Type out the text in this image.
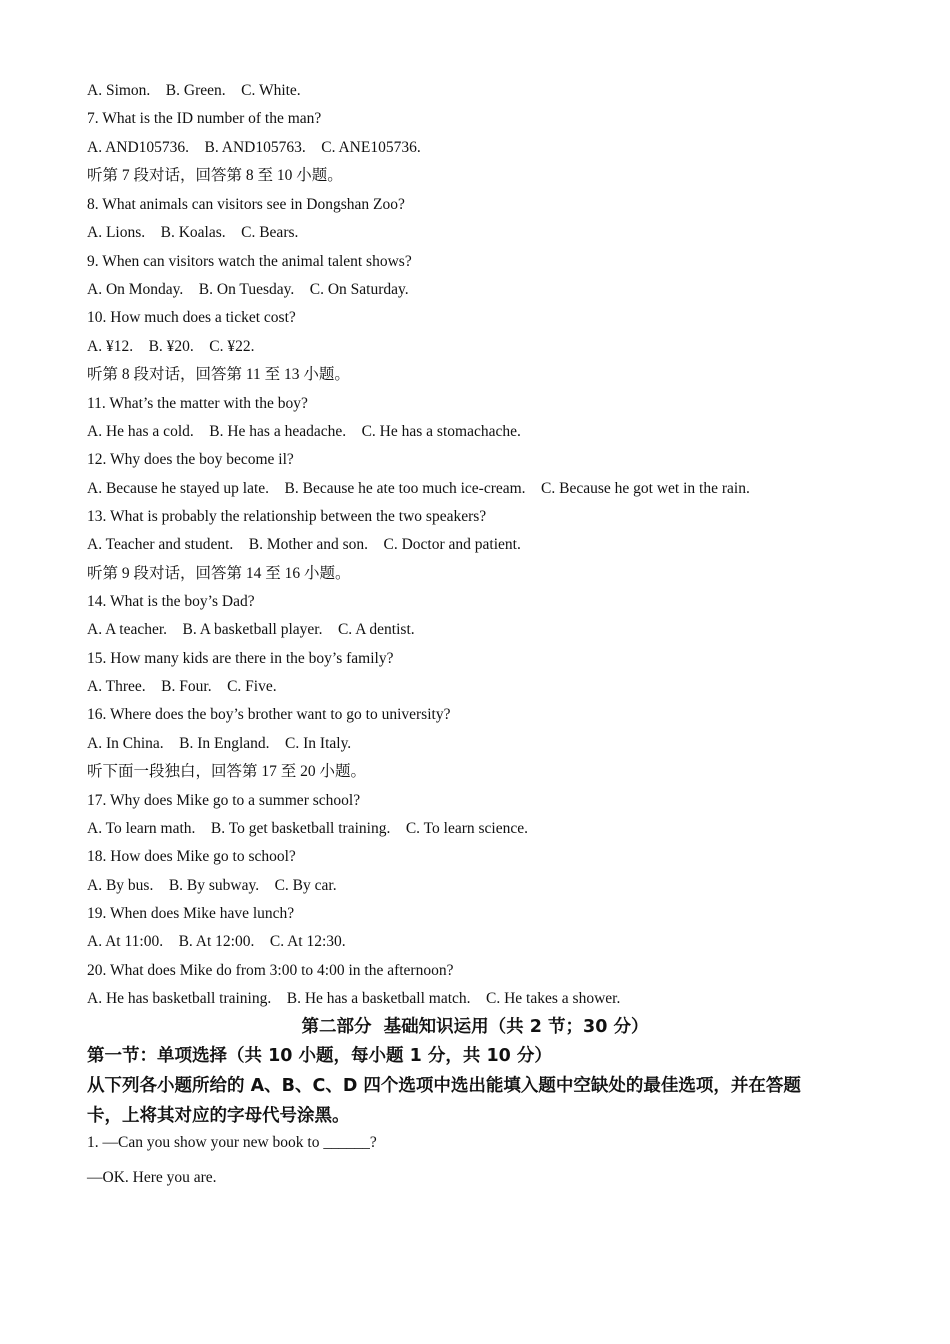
A. Simon.    B. Green.    C. White.
7. What is the ID number of the man?
A. AND105736.    B. AND105763.    C. ANE105736.
听第 7 段对话，回答第 8 至 10 小题。
8. What animals can visitors see in Dongshan Zoo?
A. Lions.    B. Koalas.    C. Bears.
9. When can visitors watch the animal talent shows?
A. On Monday.    B. On Tuesday.    C. On Saturday.
10. How much does a ticket cost?
A. ¥12.    B. ¥20.    C. ¥22.
听第 8 段对话，回答第 11 至 13 小题。
11. What’s the matter with the boy?
A. He has a cold.    B. He has a headache.    C. He has a stomachache.
12. Why does the boy become il?
A. Because he stayed up late.    B. Because he ate too much ice-cream.    C. Because he got wet in the rain.
13. What is probably the relationship between the two speakers?
A. Teacher and student.    B. Mother and son.    C. Doctor and patient.
听第 9 段对话，回答第 14 至 16 小题。
14. What is the boy’s Dad?
A. A teacher.    B. A basketball player.    C. A dentist.
15. How many kids are there in the boy’s family?
A. Three.    B. Four.    C. Five.
16. Where does the boy’s brother want to go to university?
A. In China.    B. In England.    C. In Italy.
听下面一段独白，回答第 17 至 20 小题。
17. Why does Mike go to a summer school?
A. To learn math.    B. To get basketball training.    C. To learn science.
18. How does Mike go to school?
A. By bus.    B. By subway.    C. By car.
19. When does Mike have lunch?
A. At 11:00.    B. At 12:00.    C. At 12:30.
20. What does Mike do from 3:00 to 4:00 in the afternoon?
A. He has basketball training.    B. He has a basketball match.    C. He takes a shower.
第二部分  基础知识运用（共 2 节；30 分）
第一节：单项选择（共 10 小题，每小题 1 分，共 10 分）
从下列各小题所给的 A、B、C、D 四个选项中选出能填入题中空缺处的最佳选项，并在答题
卡，上将其对应的字母代号涂黑。
1. —Can you show your new book to ______?
—OK. Here you are.
